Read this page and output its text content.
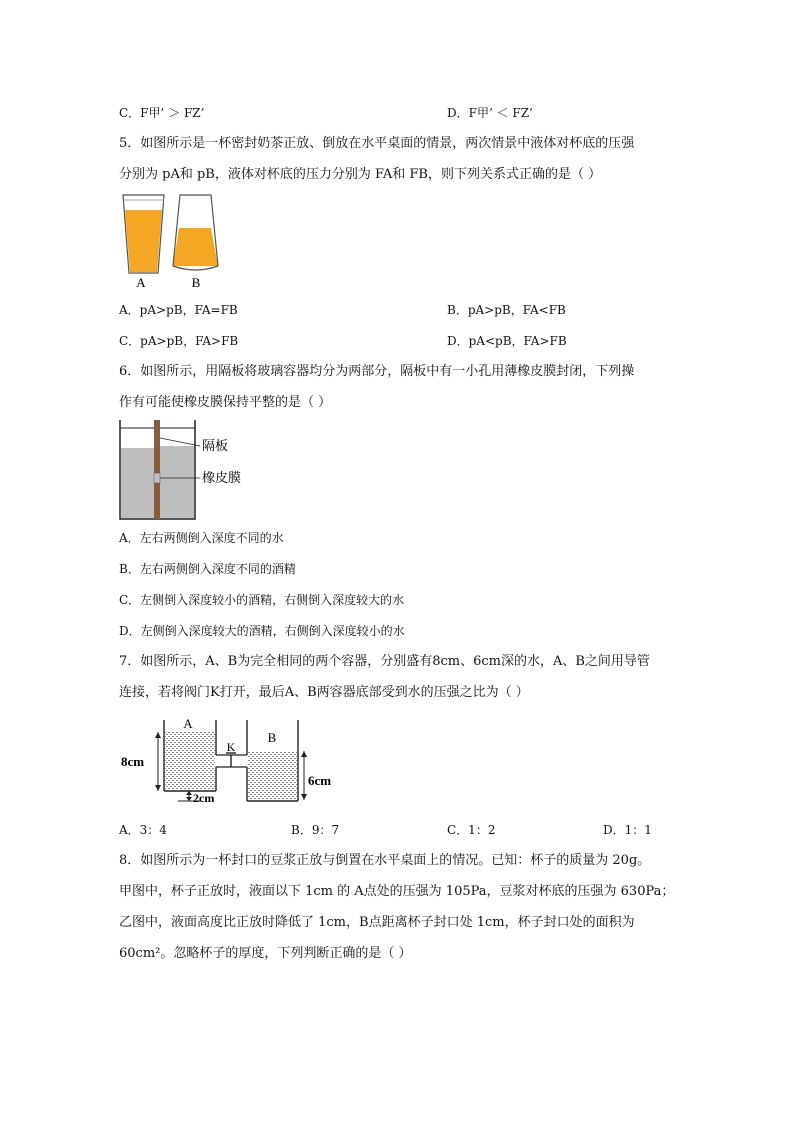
C．F甲’ ＞ FZ’	D．F甲’ ＜ FZ’
5．如图所示是一杯密封奶茶正放、倒放在水平桌面的情景，两次情景中液体对杯底的压强
分别为 pA和 pB，液体对杯底的压力分别为 FA和 FB，则下列关系式正确的是（ ）
A	B
A．pA>pB，FA=FB	B．pA>pB，FA<FB
C．pA>pB，FA>FB	D．pA<pB，FA>FB
6．如图所示，用隔板将玻璃容器均分为两部分，隔板中有一小孔用薄橡皮膜封闭，下列操
作有可能使橡皮膜保持平整的是（ ）
隔板
橡皮膜
A．左右两侧倒入深度不同的水
B．左右两侧倒入深度不同的酒精
C．左侧倒入深度较小的酒精，右侧倒入深度较大的水
D．左侧倒入深度较大的酒精，右侧倒入深度较小的水
7．如图所示，A、B为完全相同的两个容器，分别盛有8cm、6cm深的水，A、B之间用导管
连接，若将阀门K打开，最后A、B两容器底部受到水的压强之比为（ ）
A
B
K
8cm
6cm
2cm
A．3：4	B．9：7	C．1：2	D．1：1
8．如图所示为一杯封口的豆浆正放与倒置在水平桌面上的情况。已知：杯子的质量为 20g。
甲图中，杯子正放时，液面以下 1cm 的 A点处的压强为 105Pa，豆浆对杯底的压强为 630Pa；
乙图中，液面高度比正放时降低了 1cm，B点距离杯子封口处 1cm，杯子封口处的面积为
60cm²。忽略杯子的厚度，下列判断正确的是（ ）
